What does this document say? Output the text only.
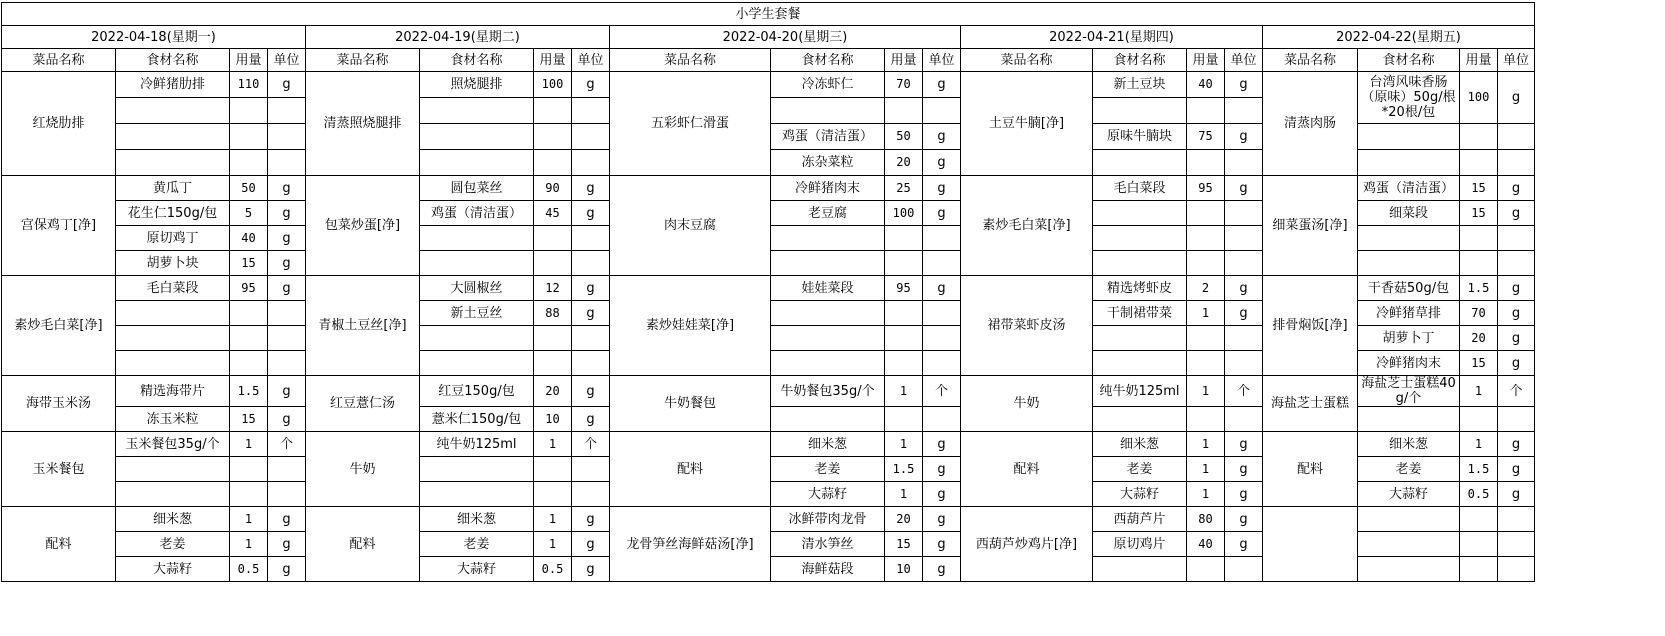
小学生套餐																			
2022-04-18(星期一)				2022-04-19(星期二)				2022-04-20(星期三)				2022-04-21(星期四)				2022-04-22(星期五)			
菜品名称	食材名称	用量	单位	菜品名称	食材名称	用量	单位	菜品名称	食材名称	用量	单位	菜品名称	食材名称	用量	单位	菜品名称	食材名称	用量	单位
红烧肋排	冷鲜猪肋排	110	g	清蒸照烧腿排	照烧腿排	100	g	五彩虾仁滑蛋	冷冻虾仁	70	g	土豆牛腩[净]	新土豆块	40	g	清蒸肉肠	台湾风味香肠（原味）50g/根*20根/包	100	g

									鸡蛋（清洁蛋）	50	g		原味牛腩块	75	g				
									冻杂菜粒	20	g								
宫保鸡丁[净]	黄瓜丁	50	g	包菜炒蛋[净]	圆包菜丝	90	g	肉末豆腐	冷鲜猪肉末	25	g	素炒毛白菜[净]	毛白菜段	95	g	细菜蛋汤[净]	鸡蛋（清洁蛋）	15	g
	花生仁150g/包	5	g		鸡蛋（清洁蛋）	45	g		老豆腐	100	g						细菜段	15	g
	原切鸡丁	40	g																
	胡萝卜块	15	g																
素炒毛白菜[净]	毛白菜段	95	g	青椒土豆丝[净]	大圆椒丝	12	g	素炒娃娃菜[净]	娃娃菜段	95	g	裙带菜虾皮汤	精选烤虾皮	2	g	排骨焖饭[净]	干香菇50g/包	1.5	g
					新土豆丝	88	g						干制裙带菜	1	g		冷鲜猪草排	70	g
																	胡萝卜丁	20	g
																	冷鲜猪肉末	15	g
海带玉米汤	精选海带片	1.5	g	红豆薏仁汤	红豆150g/包	20	g	牛奶餐包	牛奶餐包35g/个	1	个	牛奶	纯牛奶125ml	1	个	海盐芝士蛋糕	海盐芝士蛋糕40g/个	1	个
	冻玉米粒	15	g		薏米仁150g/包	10	g												
玉米餐包	玉米餐包35g/个	1	个	牛奶	纯牛奶125ml	1	个	配料	细米葱	1	g	配料	细米葱	1	g	配料	细米葱	1	g
									老姜	1.5	g		老姜	1	g		老姜	1.5	g
									大蒜籽	1	g		大蒜籽	1	g		大蒜籽	0.5	g
配料	细米葱	1	g	配料	细米葱	1	g	龙骨笋丝海鲜菇汤[净]	冰鲜带肉龙骨	20	g	西葫芦炒鸡片[净]	西葫芦片	80	g				
	老姜	1	g		老姜	1	g		清水笋丝	15	g		原切鸡片	40	g				
	大蒜籽	0.5	g		大蒜籽	0.5	g		海鲜菇段	10	g								
